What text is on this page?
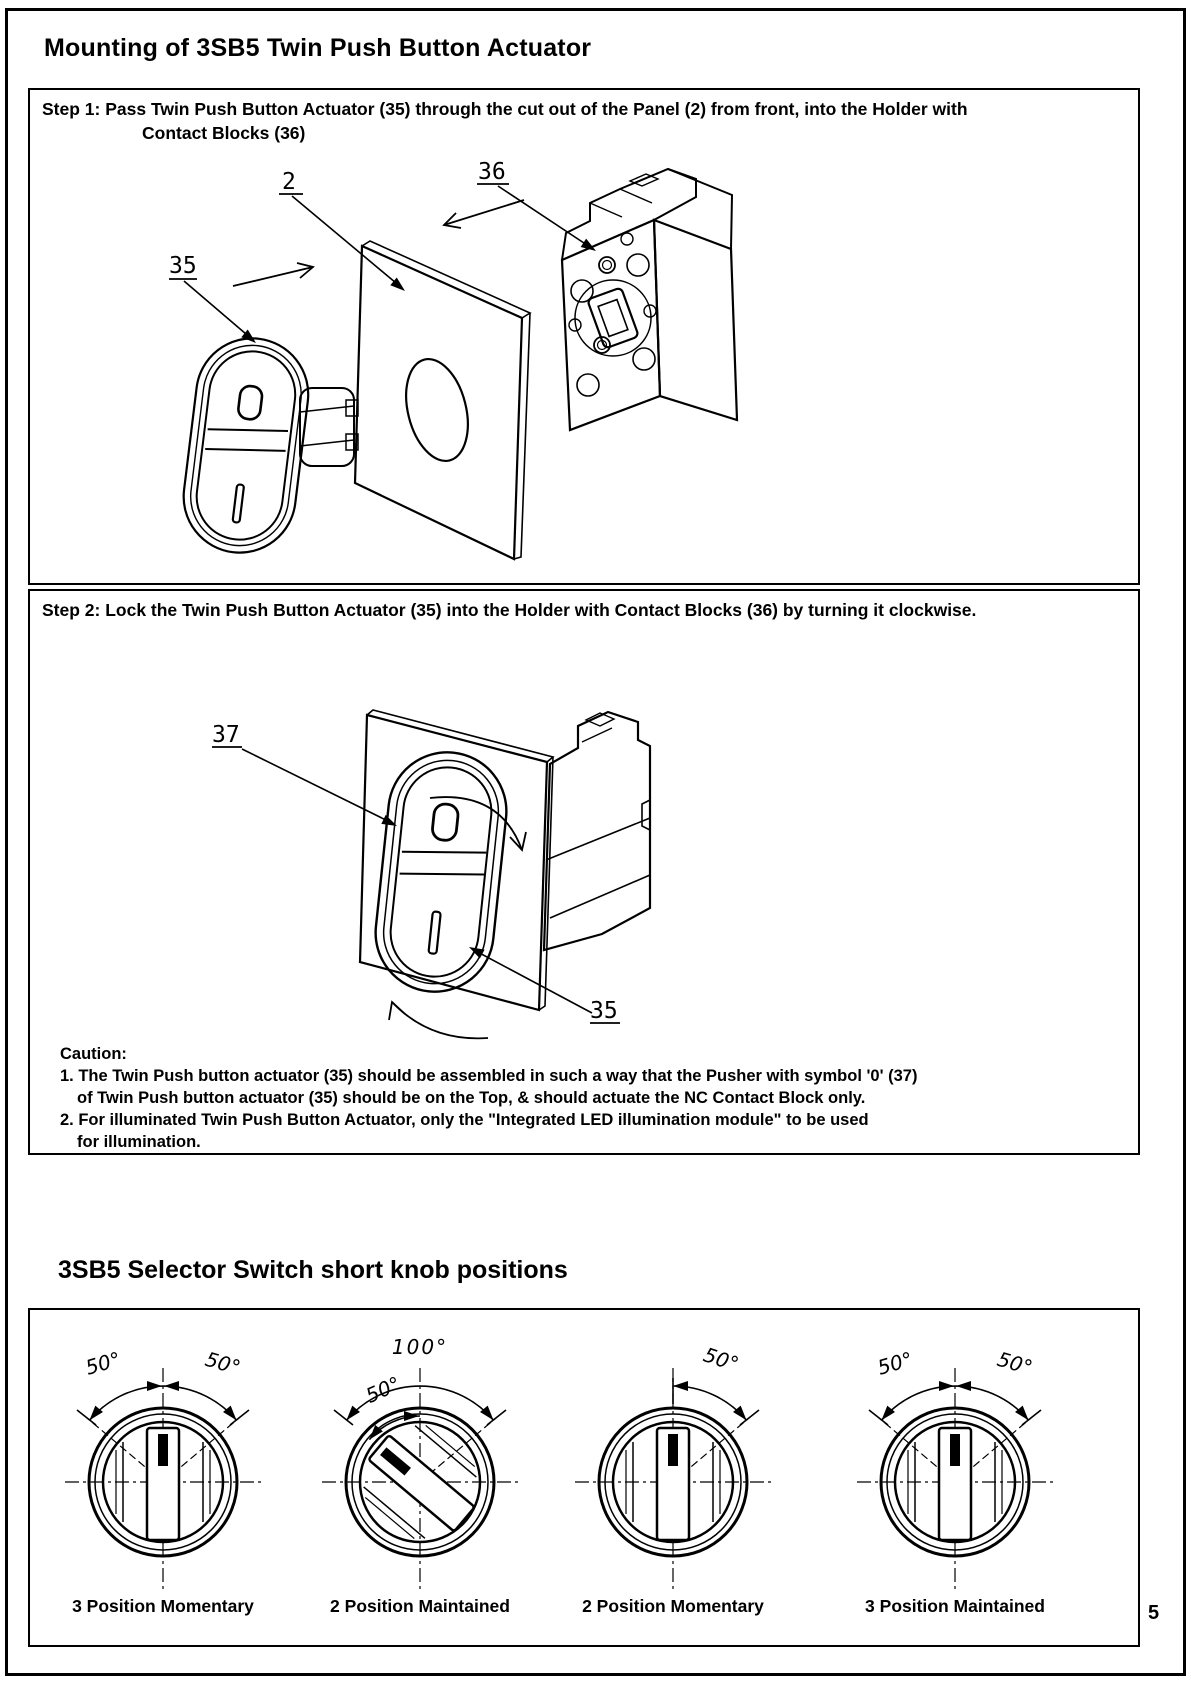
Mounting of 3SB5 Twin Push Button Actuator
Step 1: Pass Twin Push Button Actuator (35) through the cut out of the Panel (2) from front, into the Holder with
Contact Blocks (36)
2	36
35
Step 2: Lock the Twin Push Button Actuator (35) into the Holder with Contact Blocks (36) by turning it clockwise.
37
35
Caution:
1. The Twin Push button actuator (35) should be assembled in such a way that the Pusher with symbol '0' (37)
of Twin Push button actuator (35) should be on the Top, & should actuate the NC Contact Block only.
2. For illuminated Twin Push Button Actuator, only the "Integrated LED illumination module" to be used
for illumination.
3SB5 Selector Switch short knob positions
50°	50°
3 Position Momentary
100°
50°
2 Position Maintained
50°
2 Position Momentary
50°	50°
3 Position Maintained	5
